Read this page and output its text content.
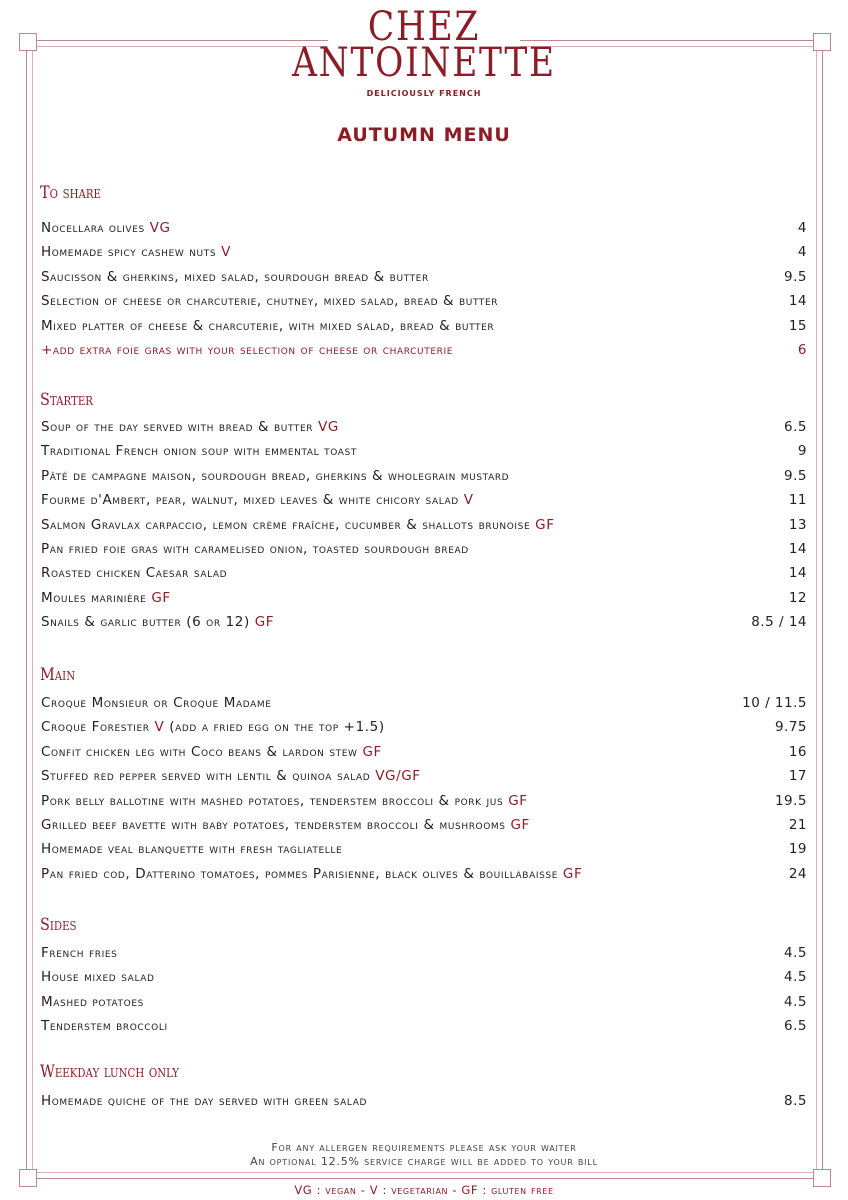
CHEZ
ANTOINETTE
DELICIOUSLY FRENCH
AUTUMN MENU
To share
Nocellara olives VG	4
Homemade spicy cashew nuts V	4
Saucisson & gherkins, mixed salad, sourdough bread & butter	9.5
Selection of cheese or charcuterie, chutney, mixed salad, bread & butter	14
Mixed platter of cheese & charcuterie, with mixed salad, bread & butter	15
+add extra foie gras with your selection of cheese or charcuterie	6
Starter
Soup of the day served with bread & butter VG	6.5
Traditional French onion soup with emmental toast	9
Pâté de campagne maison, sourdough bread, gherkins & wholegrain mustard	9.5
Fourme d'Ambert, pear, walnut, mixed leaves & white chicory salad V	11
Salmon Gravlax carpaccio, lemon crème fraîche, cucumber & shallots brunoise GF	13
Pan fried foie gras with caramelised onion, toasted sourdough bread	14
Roasted chicken Caesar salad	14
Moules marinière GF	12
Snails & garlic butter (6 or 12) GF	8.5 / 14
Main
Croque Monsieur or Croque Madame	10 / 11.5
Croque Forestier V (add a fried egg on the top +1.5)	9.75
Confit chicken leg with Coco beans & lardon stew GF	16
Stuffed red pepper served with lentil & quinoa salad VG/GF	17
Pork belly ballotine with mashed potatoes, tenderstem broccoli & pork jus GF	19.5
Grilled beef bavette with baby potatoes, tenderstem broccoli & mushrooms GF	21
Homemade veal blanquette with fresh tagliatelle	19
Pan fried cod, Datterino tomatoes, pommes Parisienne, black olives & bouillabaisse GF	24
Sides
French fries	4.5
House mixed salad	4.5
Mashed potatoes	4.5
Tenderstem broccoli	6.5
Weekday lunch only
Homemade quiche of the day served with green salad	8.5
For any allergen requirements please ask your waiter
An optional 12.5% service charge will be added to your bill
VG : vegan - V : vegetarian - GF : gluten free
